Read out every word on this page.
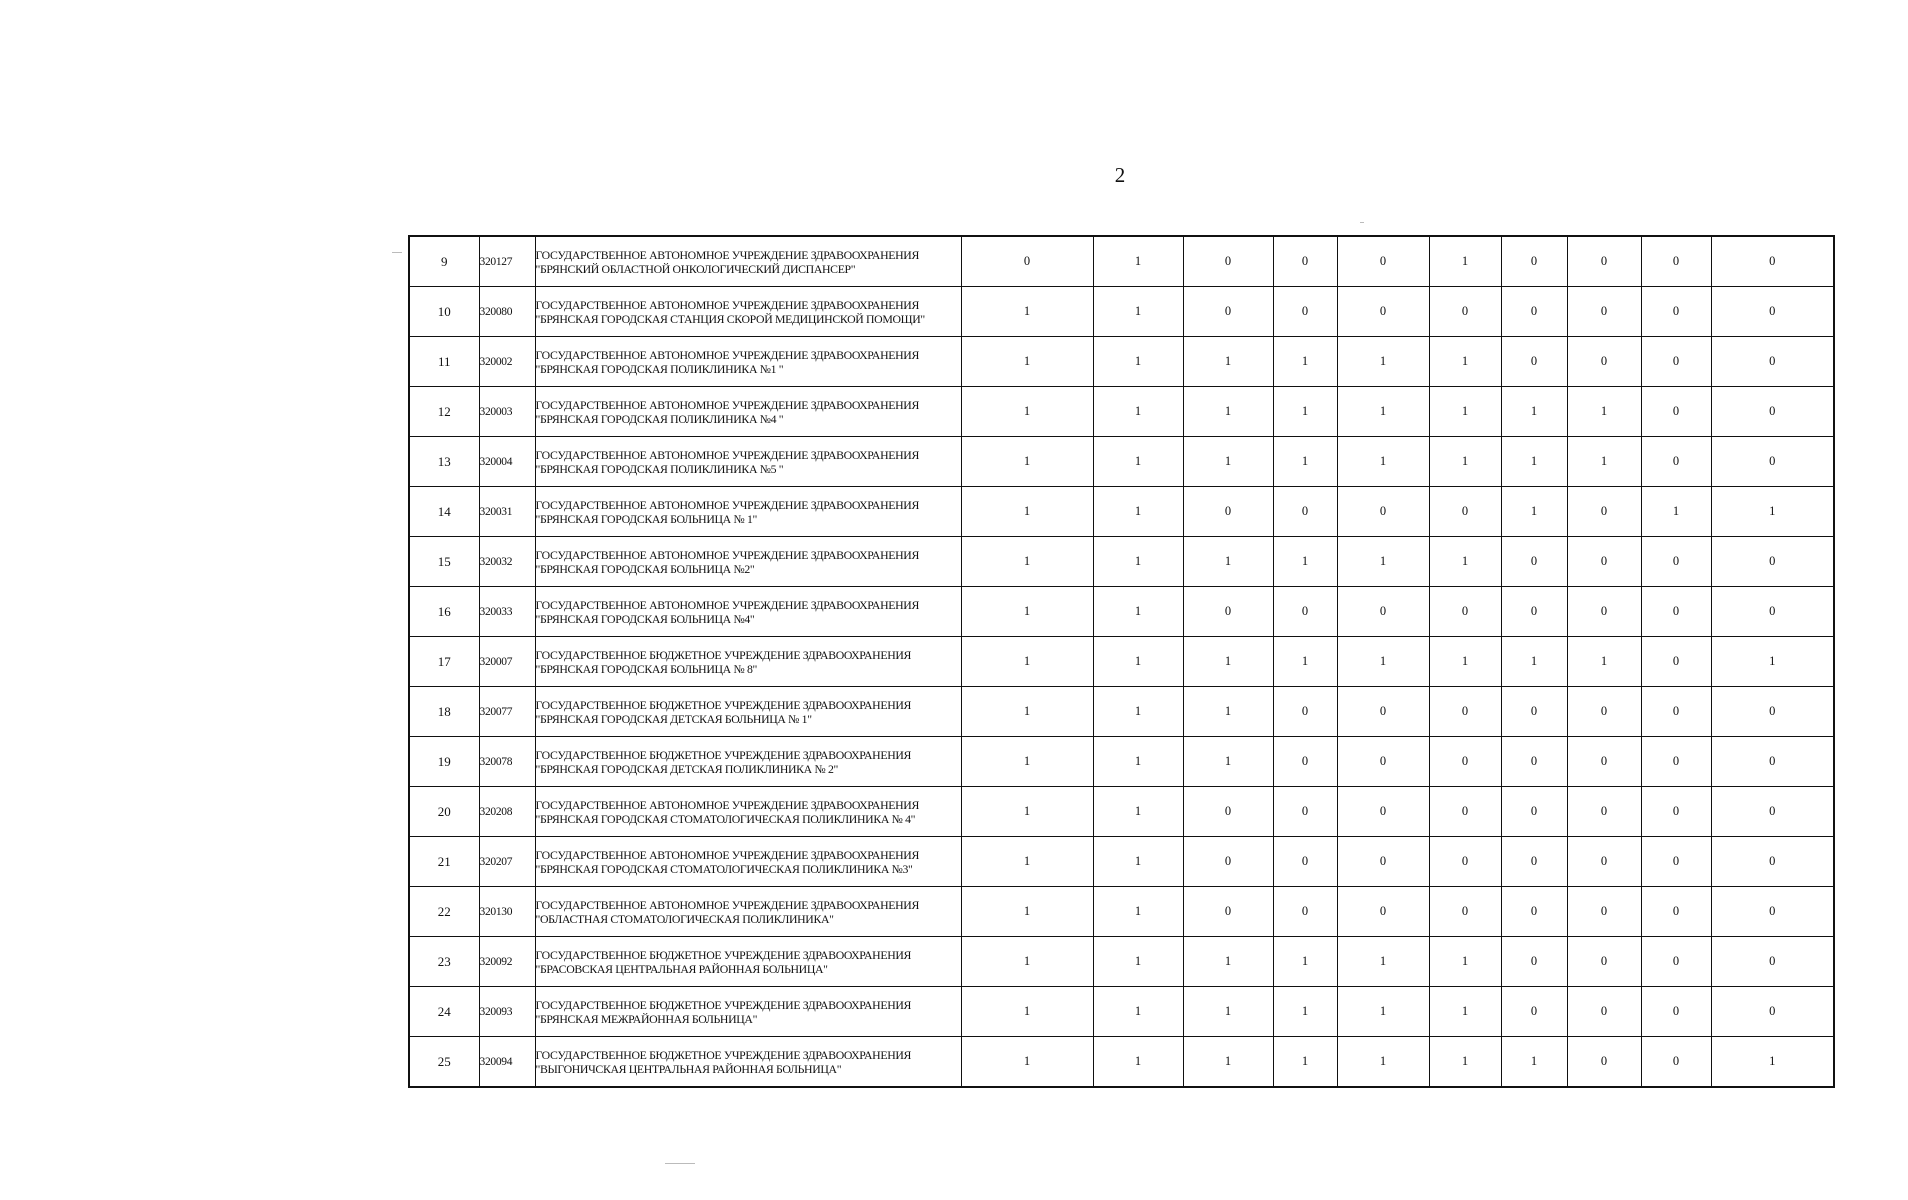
2
9	320127	ГОСУДАРСТВЕННОЕ АВТОНОМНОЕ УЧРЕЖДЕНИЕ ЗДРАВООХРАНЕНИЯ "БРЯНСКИЙ ОБЛАСТНОЙ ОНКОЛОГИЧЕСКИЙ ДИСПАНСЕР"	0	1	0	0	0	1	0	0	0	0
10	320080	ГОСУДАРСТВЕННОЕ АВТОНОМНОЕ УЧРЕЖДЕНИЕ ЗДРАВООХРАНЕНИЯ "БРЯНСКАЯ ГОРОДСКАЯ СТАНЦИЯ СКОРОЙ МЕДИЦИНСКОЙ ПОМОЩИ"	1	1	0	0	0	0	0	0	0	0
11	320002	ГОСУДАРСТВЕННОЕ АВТОНОМНОЕ УЧРЕЖДЕНИЕ ЗДРАВООХРАНЕНИЯ "БРЯНСКАЯ ГОРОДСКАЯ ПОЛИКЛИНИКА №1 "	1	1	1	1	1	1	0	0	0	0
12	320003	ГОСУДАРСТВЕННОЕ АВТОНОМНОЕ УЧРЕЖДЕНИЕ ЗДРАВООХРАНЕНИЯ "БРЯНСКАЯ ГОРОДСКАЯ ПОЛИКЛИНИКА №4 "	1	1	1	1	1	1	1	1	0	0
13	320004	ГОСУДАРСТВЕННОЕ АВТОНОМНОЕ УЧРЕЖДЕНИЕ ЗДРАВООХРАНЕНИЯ "БРЯНСКАЯ ГОРОДСКАЯ ПОЛИКЛИНИКА №5 "	1	1	1	1	1	1	1	1	0	0
14	320031	ГОСУДАРСТВЕННОЕ АВТОНОМНОЕ УЧРЕЖДЕНИЕ ЗДРАВООХРАНЕНИЯ "БРЯНСКАЯ ГОРОДСКАЯ БОЛЬНИЦА № 1"	1	1	0	0	0	0	1	0	1	1
15	320032	ГОСУДАРСТВЕННОЕ АВТОНОМНОЕ УЧРЕЖДЕНИЕ ЗДРАВООХРАНЕНИЯ "БРЯНСКАЯ ГОРОДСКАЯ БОЛЬНИЦА №2"	1	1	1	1	1	1	0	0	0	0
16	320033	ГОСУДАРСТВЕННОЕ АВТОНОМНОЕ УЧРЕЖДЕНИЕ ЗДРАВООХРАНЕНИЯ "БРЯНСКАЯ ГОРОДСКАЯ БОЛЬНИЦА №4"	1	1	0	0	0	0	0	0	0	0
17	320007	ГОСУДАРСТВЕННОЕ БЮДЖЕТНОЕ УЧРЕЖДЕНИЕ ЗДРАВООХРАНЕНИЯ "БРЯНСКАЯ ГОРОДСКАЯ БОЛЬНИЦА № 8"	1	1	1	1	1	1	1	1	0	1
18	320077	ГОСУДАРСТВЕННОЕ БЮДЖЕТНОЕ УЧРЕЖДЕНИЕ ЗДРАВООХРАНЕНИЯ "БРЯНСКАЯ ГОРОДСКАЯ ДЕТСКАЯ БОЛЬНИЦА № 1"	1	1	1	0	0	0	0	0	0	0
19	320078	ГОСУДАРСТВЕННОЕ БЮДЖЕТНОЕ УЧРЕЖДЕНИЕ ЗДРАВООХРАНЕНИЯ "БРЯНСКАЯ ГОРОДСКАЯ ДЕТСКАЯ ПОЛИКЛИНИКА № 2"	1	1	1	0	0	0	0	0	0	0
20	320208	ГОСУДАРСТВЕННОЕ АВТОНОМНОЕ УЧРЕЖДЕНИЕ ЗДРАВООХРАНЕНИЯ "БРЯНСКАЯ ГОРОДСКАЯ СТОМАТОЛОГИЧЕСКАЯ ПОЛИКЛИНИКА № 4"	1	1	0	0	0	0	0	0	0	0
21	320207	ГОСУДАРСТВЕННОЕ АВТОНОМНОЕ УЧРЕЖДЕНИЕ ЗДРАВООХРАНЕНИЯ "БРЯНСКАЯ ГОРОДСКАЯ СТОМАТОЛОГИЧЕСКАЯ ПОЛИКЛИНИКА №3"	1	1	0	0	0	0	0	0	0	0
22	320130	ГОСУДАРСТВЕННОЕ АВТОНОМНОЕ УЧРЕЖДЕНИЕ ЗДРАВООХРАНЕНИЯ "ОБЛАСТНАЯ СТОМАТОЛОГИЧЕСКАЯ ПОЛИКЛИНИКА"	1	1	0	0	0	0	0	0	0	0
23	320092	ГОСУДАРСТВЕННОЕ БЮДЖЕТНОЕ УЧРЕЖДЕНИЕ ЗДРАВООХРАНЕНИЯ "БРАСОВСКАЯ ЦЕНТРАЛЬНАЯ РАЙОННАЯ БОЛЬНИЦА"	1	1	1	1	1	1	0	0	0	0
24	320093	ГОСУДАРСТВЕННОЕ БЮДЖЕТНОЕ УЧРЕЖДЕНИЕ ЗДРАВООХРАНЕНИЯ "БРЯНСКАЯ МЕЖРАЙОННАЯ БОЛЬНИЦА"	1	1	1	1	1	1	0	0	0	0
25	320094	ГОСУДАРСТВЕННОЕ БЮДЖЕТНОЕ УЧРЕЖДЕНИЕ ЗДРАВООХРАНЕНИЯ "ВЫГОНИЧСКАЯ ЦЕНТРАЛЬНАЯ РАЙОННАЯ БОЛЬНИЦА"	1	1	1	1	1	1	1	0	0	1
